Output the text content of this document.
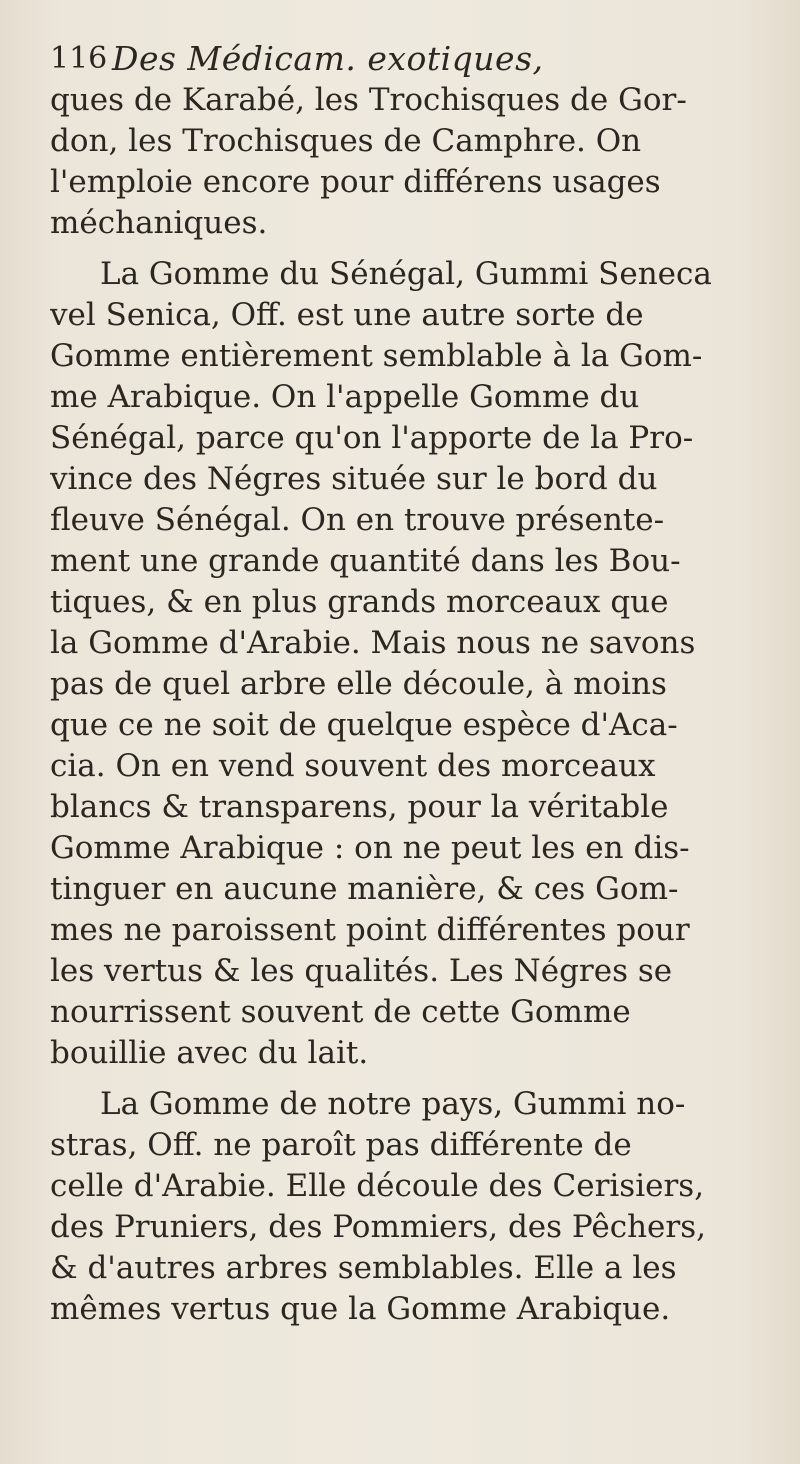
116 Des Médicam. exotiques,

ques de Karabé, les Trochisques de Gor-
don, les Trochisques de Camphre. On
l'emploie encore pour différens usages
méchaniques.

La Gomme du Sénégal, Gummi Seneca
vel Senica, Off. est une autre sorte de
Gomme entièrement semblable à la Gom-
me Arabique. On l'appelle Gomme du
Sénégal, parce qu'on l'apporte de la Pro-
vince des Négres située sur le bord du
fleuve Sénégal. On en trouve présente-
ment une grande quantité dans les Bou-
tiques, & en plus grands morceaux que
la Gomme d'Arabie. Mais nous ne savons
pas de quel arbre elle découle, à moins
que ce ne soit de quelque espèce d'Aca-
cia. On en vend souvent des morceaux
blancs & transparens, pour la véritable
Gomme Arabique : on ne peut les en dis-
tinguer en aucune manière, & ces Gom-
mes ne paroissent point différentes pour
les vertus & les qualités. Les Négres se
nourrissent souvent de cette Gomme
bouillie avec du lait.

La Gomme de notre pays, Gummi no-
stras, Off. ne paroît pas différente de
celle d'Arabie. Elle découle des Cerisiers,
des Pruniers, des Pommiers, des Pêchers,
& d'autres arbres semblables. Elle a les
mêmes vertus que la Gomme Arabique.
